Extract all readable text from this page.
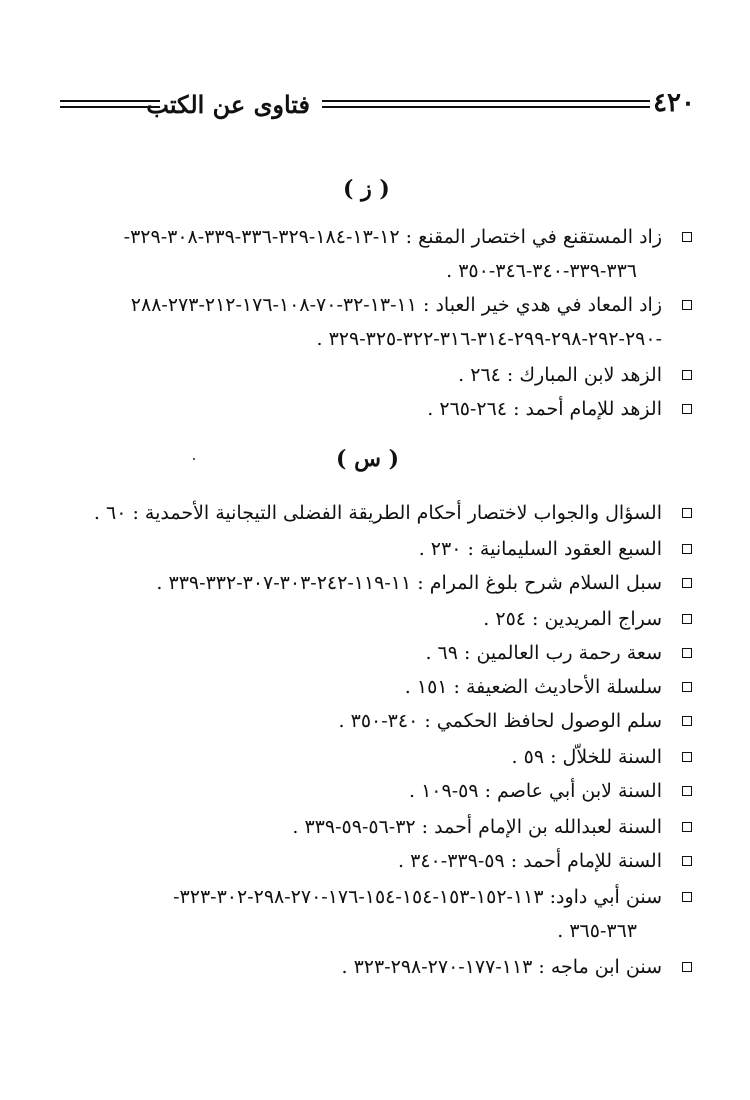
فتاوى عن الكتب	٤٢٠
( ز )
زاد المستقنع في اختصار المقنع : ١٢-١٣-١٨٤-٣٢٩-٣٣٦-٣٣٩-٣٠٨-٣٢٩-
٣٣٦-٣٣٩-٣٤٠-٣٤٦-٣٥٠ .
زاد المعاد في هدي خير العباد : ١١-١٣-٣٢-٧٠-١٠٨-١٧٦-٢١٢-٢٧٣-٢٨٨
-٢٩٠-٢٩٢-٢٩٨-٢٩٩-٣١٤-٣١٦-٣٢٢-٣٢٥-٣٢٩ .
الزهد لابن المبارك : ٢٦٤ .
الزهد للإمام أحمد : ٢٦٤-٢٦٥ .
( س )
السؤال والجواب لاختصار أحكام الطريقة الفضلى التيجانية الأحمدية : ٦٠ .
السبع العقود السليمانية : ٢٣٠ .
سبل السلام شرح بلوغ المرام : ١١-١١٩-٢٤٢-٣٠٣-٣٠٧-٣٣٢-٣٣٩ .
سراج المريدين : ٢٥٤ .
سعة رحمة رب العالمين : ٦٩ .
سلسلة الأحاديث الضعيفة : ١٥١ .
سلم الوصول لحافظ الحكمي : ٣٤٠-٣٥٠ .
السنة للخلاّل : ٥٩ .
السنة لابن أبي عاصم : ٥٩-١٠٩ .
السنة لعبدالله بن الإمام أحمد : ٣٢-٥٦-٥٩-٣٣٩ .
السنة للإمام أحمد : ٥٩-٣٣٩-٣٤٠ .
سنن أبي داود: ١١٣-١٥٢-١٥٣-١٥٤-١٥٤-١٧٦-٢٧٠-٢٩٨-٣٠٢-٣٢٣-
٣٦٣-٣٦٥ .
سنن ابن ماجه : ١١٣-١٧٧-٢٧٠-٢٩٨-٣٢٣ .
